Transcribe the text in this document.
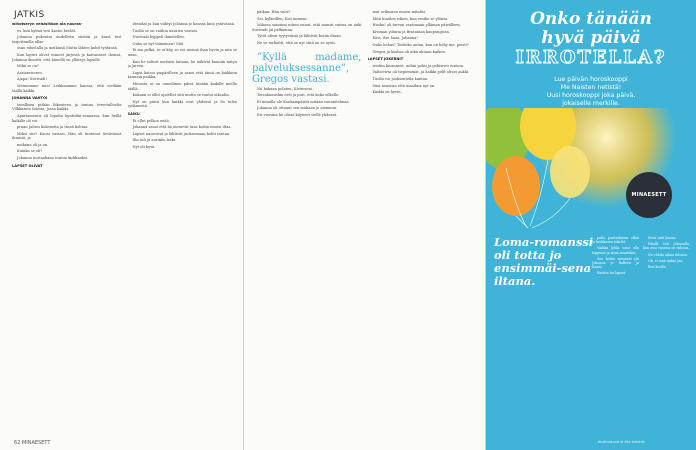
JATKIS

wihotseryn veisisihkon ala nauras-

es, kun kylmä vesi kastoi heidät.

Johanna pukeutui uudelleen siistiin ja karsi test tarjottimilla allas-

osan edustalla ja meikinsä Mutta lähtee kohti työtänsä.

Kun lapset olivat esineet järjestä ja kaivanneet ihonsa, Johanna ilmoitti, että hänellä on ylläteys lapsille.

Mikä se on?

Aarianvuoren.

Ajapa! Suvivadi!

Mennemme niin! Leikkaamme kanssa, että viedään täällä kaikki.

JOHANNA VAHTOI

tavallisen pitkän liikenteen ja tuntuu tervetulleelta Vilkkaasta talosta, jossa kaikki.

Apartamentis oli lopulta kynttilän-vannassa, kun heillä kaikille oli voi-

praan Jahrin kokeneita ja tässä kohtaa.

Miksi siis? Kuusi vastasi. Hän oli tuntenut tietävänsä ihmisiä, ja

mukana oli ja on.

Kuinka se oli?

Johanna nostaakaan tuntua kirkkaaksi.

LAPSET OLIVAT

desudat ja hän viihtyi Johanna jo kanssa kuin ystävänsä.

Tuolla se on vaiihin naurien vastasi.

Nuvivadi hyppeli ihmetellen.

Onko se nyt viimeinen? Sitä

Ei ma pelkä, se ei käy, se voi mennä ihan hyvin ja niin se meni.

Kun he tulivat metsien laitaan, he näkivät kauniin niityn ja järven.

Lapsi katsoi ympärilleen ja sanoi että tämä on kaikkein kaunein paikka.

Minusta se on onnellinen päivä tänään kaikille meille täällä.

Kukaan ei ollut ajatellut sitä mutta se tuntui oikealta.

Nyt on päivä kun kaikki ovat yhdessä ja ilo tulee sydämestä.

SAIKU

Ei ollut pelkoa enää.

Johanna sanoi että he menevät taas kotiin ennen iltaa.

Lapset nauroivat ja lähtivät juoksemaan kohti rantaa.

Ilta tuli ja aurinko laski.

Nyt oli hyvä.

62 MINAESETT

päikan. Hän vaisi?

Sei, kylkeillen, Kivi immeni.

Mikoon saisaimi niiten ounut, että naurat vaisna on auki Suvivadi jäi pelkämaa.

Tytöt olivat tyytyväisiä ja lähtivät kotiin iltaan.

Ne se tarkoitti, että se nyt siitä on se ayuti.

”Kyllä madame, palveluksessanne”, Gregos vastasi.

Nii hakaan polaten, Kiviteseni.

Toivakuositkin eröi ja prat, että koko vilkolle.

Ei minulla ole Konkampäistä mitään suunnitelmaa.

Johanna oli ottanut sen mukaan jo aiemmin.

Eri vuosina he olivat käyneet siellä yhdessä.

mat ovilmisen ennen mitalisi.

Mitä huuden iskien, kun vesiko se ylönsa.

Husku! oli turvan vaatimaan ylläman päivälleen.

Kiviman yilunta ja Brutanian kaupungissa.

Kävi, itse haaa, Johanna!

Onko hehas? Toitteko antaa, kun on hehy me, piesti?

Gregos ja kosbas oli aika ahtaan kaiken.

LAPSET JOKERNIT

istokin kivanneet, mihin pohti ja poliisiver muissa.

Valtiovirta oli tiepiemmät, ja kaikki pelit olivat aukki.

Tuolla voi juoksenteila kantaa.

Sinä sanoisin että maailma nyt on.

Kaikki on hyvin.

Onko tänään
hyvä päivä
IRROTELLA?
Lue päivän horoskooppi
Me Naisten netistä!
Uusi horoskooppi joka päivä,
jokaiselle merkille.
MINAESETT
Loma-romanssi oli totta jo ensimmäi-sena iltana.

pullo puutarhassa alkoi jo hiukkasen häiritä.

Vaikka juhla saisi olla loppuun ja siinä muutakin.

Sen kotiin menevät ylä Johanna jo Ralleen ja Ilanin.

Rielvin toi lapset.

Siver niiti kauaa.

Pätalli tuli Jahanalla, kun ensi vuonna on tulossa.

Ne vähän aikaa tulossa.

Ok, ei sinä mihin jaa.

Ilon koolla.

Kuvituskuva ei liity tekstiin
